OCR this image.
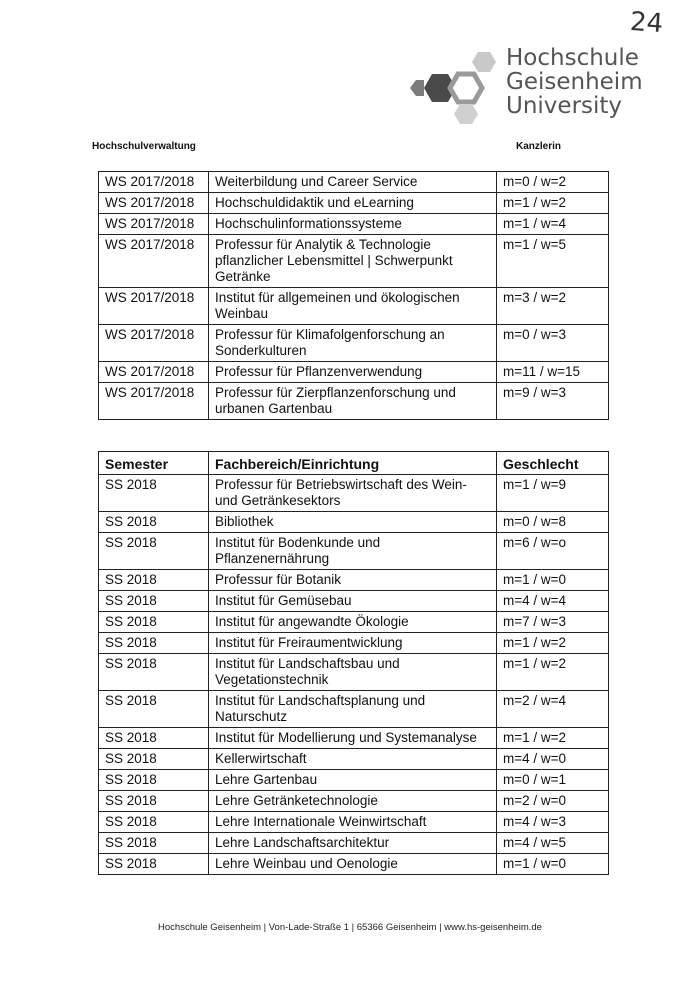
24
Hochschule
Geisenheim
University
Hochschulverwaltung	Kanzlerin
WS 2017/2018	Weiterbildung und Career Service	m=0 / w=2
WS 2017/2018	Hochschuldidaktik und eLearning	m=1 / w=2
WS 2017/2018	Hochschulinformationssysteme	m=1 / w=4
WS 2017/2018	Professur für Analytik & Technologie pflanzlicher Lebensmittel | Schwerpunkt Getränke	m=1 / w=5
WS 2017/2018	Institut für allgemeinen und ökologischen Weinbau	m=3 / w=2
WS 2017/2018	Professur für Klimafolgenforschung an Sonderkulturen	m=0 / w=3
WS 2017/2018	Professur für Pflanzenverwendung	m=11 / w=15
WS 2017/2018	Professur für Zierpflanzenforschung und urbanen Gartenbau	m=9 / w=3
Semester	Fachbereich/Einrichtung	Geschlecht
SS 2018	Professur für Betriebswirtschaft des Wein- und Getränkesektors	m=1 / w=9
SS 2018	Bibliothek	m=0 / w=8
SS 2018	Institut für Bodenkunde und Pflanzenernährung	m=6 / w=o
SS 2018	Professur für Botanik	m=1 / w=0
SS 2018	Institut für Gemüsebau	m=4 / w=4
SS 2018	Institut für angewandte Ökologie	m=7 / w=3
SS 2018	Institut für Freiraumentwicklung	m=1 / w=2
SS 2018	Institut für Landschaftsbau und Vegetationstechnik	m=1 / w=2
SS 2018	Institut für Landschaftsplanung und Naturschutz	m=2 / w=4
SS 2018	Institut für Modellierung und Systemanalyse	m=1 / w=2
SS 2018	Kellerwirtschaft	m=4 / w=0
SS 2018	Lehre Gartenbau	m=0 / w=1
SS 2018	Lehre Getränketechnologie	m=2 / w=0
SS 2018	Lehre Internationale Weinwirtschaft	m=4 / w=3
SS 2018	Lehre Landschaftsarchitektur	m=4 / w=5
SS 2018	Lehre Weinbau und Oenologie	m=1 / w=0
Hochschule Geisenheim | Von-Lade-Straße 1 | 65366 Geisenheim | www.hs-geisenheim.de
